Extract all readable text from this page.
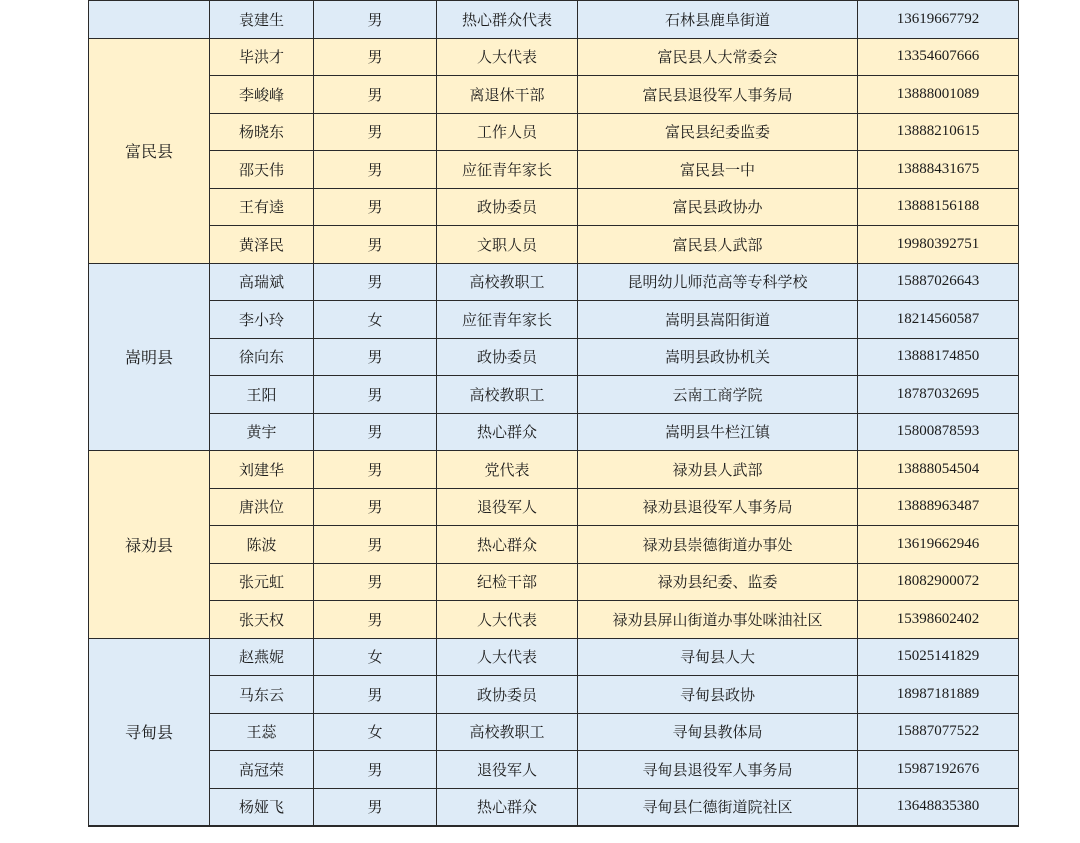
	袁建生	男	热心群众代表	石林县鹿阜街道	13619667792
富民县	毕洪才	男	人大代表	富民县人大常委会	13354607666
	李峻峰	男	离退休干部	富民县退役军人事务局	13888001089
	杨晓东	男	工作人员	富民县纪委监委	13888210615
	邵天伟	男	应征青年家长	富民县一中	13888431675
	王有逵	男	政协委员	富民县政协办	13888156188
	黄泽民	男	文职人员	富民县人武部	19980392751
嵩明县	高瑞斌	男	高校教职工	昆明幼儿师范高等专科学校	15887026643
	李小玲	女	应征青年家长	嵩明县嵩阳街道	18214560587
	徐向东	男	政协委员	嵩明县政协机关	13888174850
	王阳	男	高校教职工	云南工商学院	18787032695
	黄宇	男	热心群众	嵩明县牛栏江镇	15800878593
禄劝县	刘建华	男	党代表	禄劝县人武部	13888054504
	唐洪位	男	退役军人	禄劝县退役军人事务局	13888963487
	陈波	男	热心群众	禄劝县崇德街道办事处	13619662946
	张元虹	男	纪检干部	禄劝县纪委、监委	18082900072
	张天权	男	人大代表	禄劝县屏山街道办事处咪油社区	15398602402
寻甸县	赵燕妮	女	人大代表	寻甸县人大	15025141829
	马东云	男	政协委员	寻甸县政协	18987181889
	王蕊	女	高校教职工	寻甸县教体局	15887077522
	高冠荣	男	退役军人	寻甸县退役军人事务局	15987192676
	杨娅飞	男	热心群众	寻甸县仁德街道院社区	13648835380
